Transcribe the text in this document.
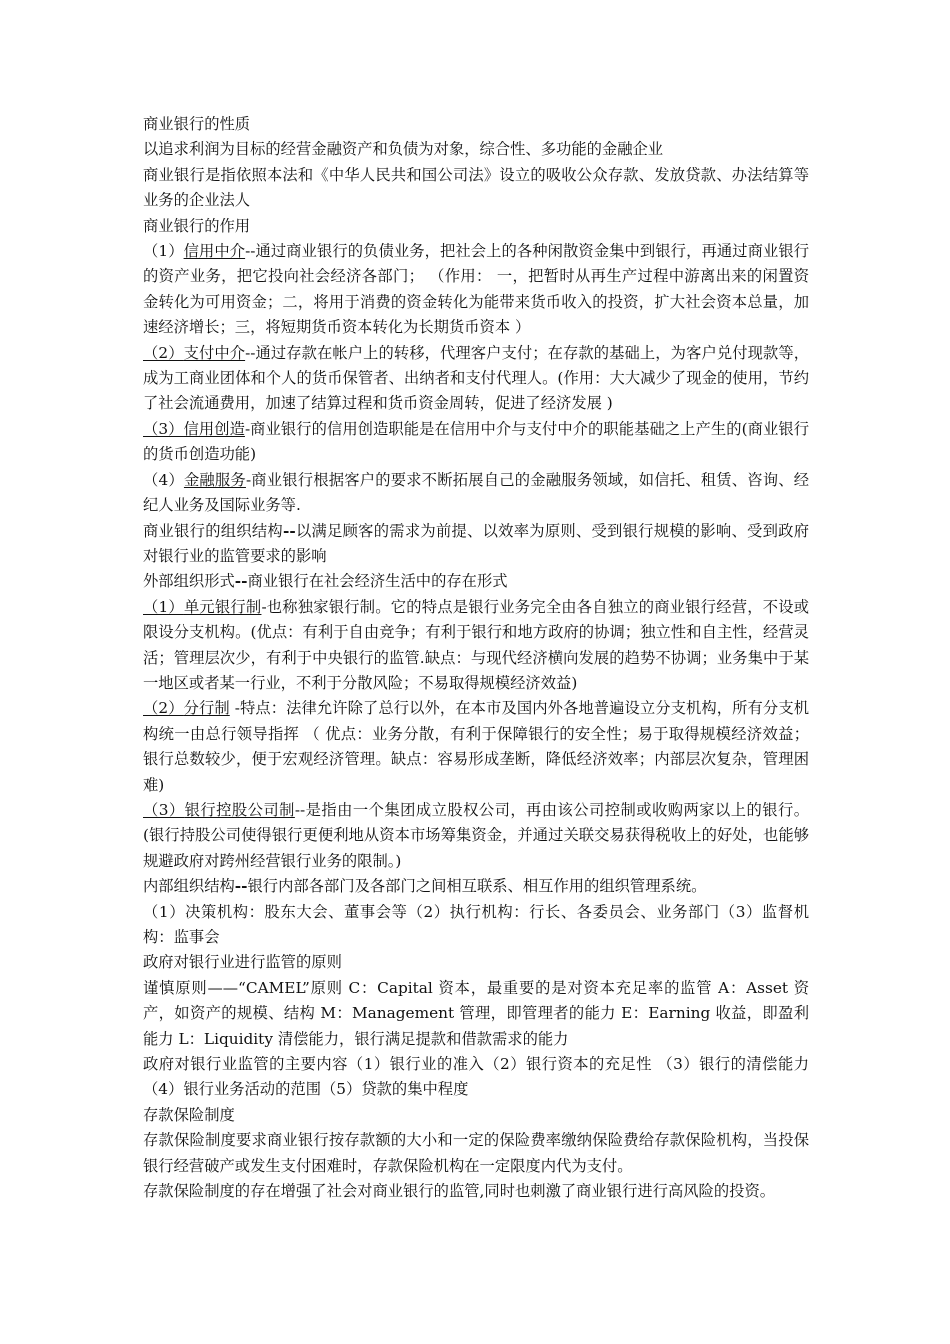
商业银行的性质

以追求利润为目标的经营金融资产和负债为对象，综合性、多功能的金融企业

商业银行是指依照本法和《中华人民共和国公司法》设立的吸收公众存款、发放贷款、办法结算等业务的企业法人

商业银行的作用

（1）信用中介--通过商业银行的负债业务，把社会上的各种闲散资金集中到银行，再通过商业银行的资产业务，把它投向社会经济各部门； （作用： 一，把暂时从再生产过程中游离出来的闲置资金转化为可用资金；二，将用于消费的资金转化为能带来货币收入的投资，扩大社会资本总量，加速经济增长；三，将短期货币资本转化为长期货币资本 ）

（2）支付中介--通过存款在帐户上的转移，代理客户支付；在存款的基础上，为客户兑付现款等，成为工商业团体和个人的货币保管者、出纳者和支付代理人。(作用：大大减少了现金的使用，节约了社会流通费用，加速了结算过程和货币资金周转，促进了经济发展 )

（3）信用创造-商业银行的信用创造职能是在信用中介与支付中介的职能基础之上产生的(商业银行的货币创造功能)

（4）金融服务-商业银行根据客户的要求不断拓展自己的金融服务领域，如信托、租赁、咨询、经纪人业务及国际业务等.

商业银行的组织结构--以满足顾客的需求为前提、以效率为原则、受到银行规模的影响、受到政府对银行业的监管要求的影响

外部组织形式--商业银行在社会经济生活中的存在形式

（1）单元银行制-也称独家银行制。它的特点是银行业务完全由各自独立的商业银行经营，不设或限设分支机构。(优点：有利于自由竞争；有利于银行和地方政府的协调；独立性和自主性，经营灵活；管理层次少，有利于中央银行的监管.缺点：与现代经济横向发展的趋势不协调；业务集中于某一地区或者某一行业，不利于分散风险；不易取得规模经济效益)

（2）分行制 -特点：法律允许除了总行以外，在本市及国内外各地普遍设立分支机构，所有分支机构统一由总行领导指挥 （ 优点：业务分散，有利于保障银行的安全性；易于取得规模经济效益；银行总数较少，便于宏观经济管理。缺点：容易形成垄断，降低经济效率；内部层次复杂，管理困难)

（3）银行控股公司制--是指由一个集团成立股权公司，再由该公司控制或收购两家以上的银行。(银行持股公司使得银行更便利地从资本市场筹集资金，并通过关联交易获得税收上的好处，也能够规避政府对跨州经营银行业务的限制。)

内部组织结构--银行内部各部门及各部门之间相互联系、相互作用的组织管理系统。

（1）决策机构：股东大会、董事会等（2）执行机构：行长、各委员会、业务部门（3）监督机构：监事会

政府对银行业进行监管的原则

谨慎原则——“CAMEL”原则 C：Capital 资本，最重要的是对资本充足率的监管 A：Asset 资产，如资产的规模、结构 M：Management 管理，即管理者的能力 E：Earning 收益，即盈利能力 L：Liquidity 清偿能力，银行满足提款和借款需求的能力

政府对银行业监管的主要内容（1）银行业的准入（2）银行资本的充足性 （3）银行的清偿能力（4）银行业务活动的范围（5）贷款的集中程度

存款保险制度

存款保险制度要求商业银行按存款额的大小和一定的保险费率缴纳保险费给存款保险机构，当投保银行经营破产或发生支付困难时，存款保险机构在一定限度内代为支付。

存款保险制度的存在增强了社会对商业银行的监管,同时也刺激了商业银行进行高风险的投资。
